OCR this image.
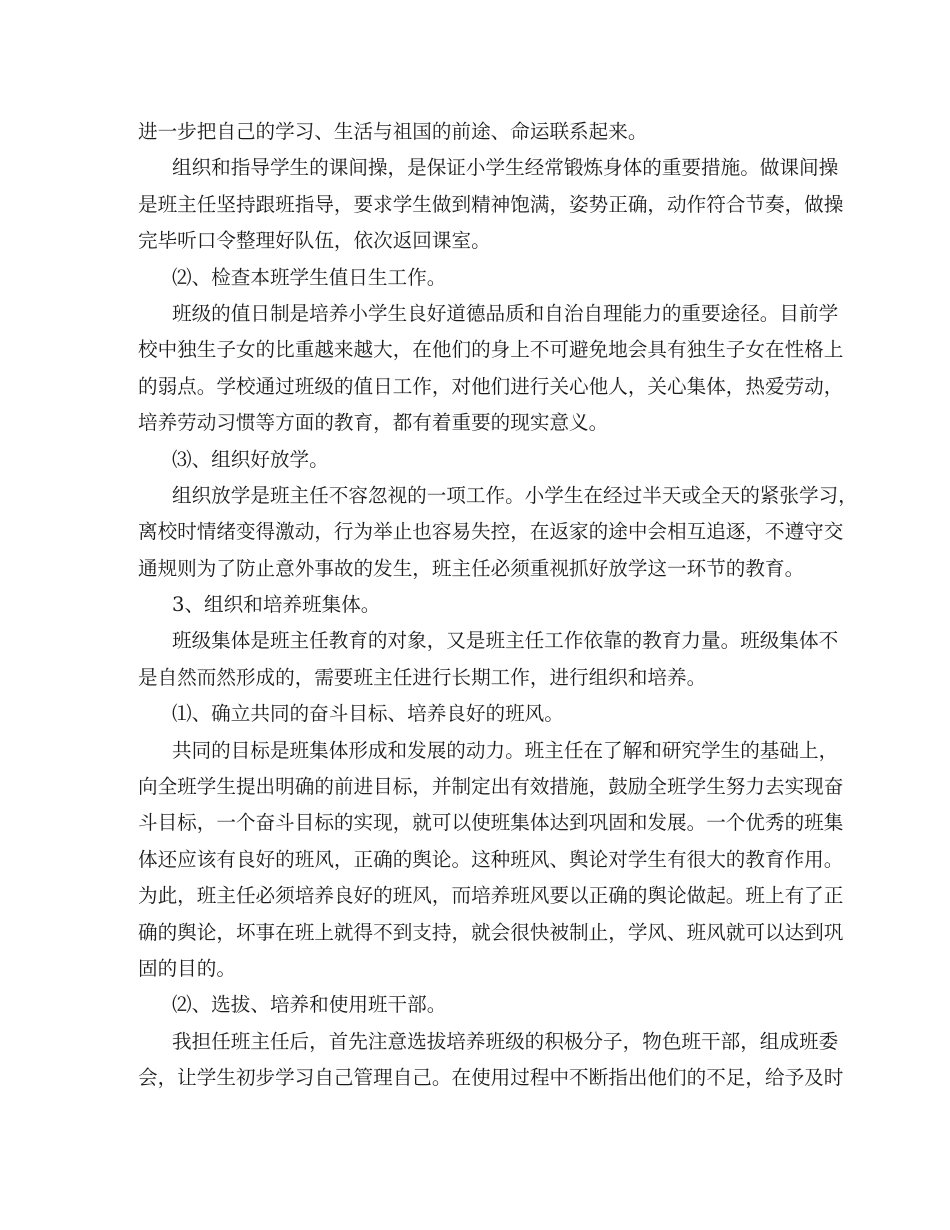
进一步把自己的学习、生活与祖国的前途、命运联系起来。
组织和指导学生的课间操，是保证小学生经常锻炼身体的重要措施。做课间操
是班主任坚持跟班指导，要求学生做到精神饱满，姿势正确，动作符合节奏，做操
完毕听口令整理好队伍，依次返回课室。
⑵、检查本班学生值日生工作。
班级的值日制是培养小学生良好道德品质和自治自理能力的重要途径。目前学
校中独生子女的比重越来越大，在他们的身上不可避免地会具有独生子女在性格上
的弱点。学校通过班级的值日工作，对他们进行关心他人，关心集体，热爱劳动，
培养劳动习惯等方面的教育，都有着重要的现实意义。
⑶、组织好放学。
组织放学是班主任不容忽视的一项工作。小学生在经过半天或全天的紧张学习，
离校时情绪变得激动，行为举止也容易失控，在返家的途中会相互追逐，不遵守交
通规则为了防止意外事故的发生，班主任必须重视抓好放学这一环节的教育。
3、组织和培养班集体。
班级集体是班主任教育的对象，又是班主任工作依靠的教育力量。班级集体不
是自然而然形成的，需要班主任进行长期工作，进行组织和培养。
⑴、确立共同的奋斗目标、培养良好的班风。
共同的目标是班集体形成和发展的动力。班主任在了解和研究学生的基础上，
向全班学生提出明确的前进目标，并制定出有效措施，鼓励全班学生努力去实现奋
斗目标，一个奋斗目标的实现，就可以使班集体达到巩固和发展。一个优秀的班集
体还应该有良好的班风，正确的舆论。这种班风、舆论对学生有很大的教育作用。
为此，班主任必须培养良好的班风，而培养班风要以正确的舆论做起。班上有了正
确的舆论，坏事在班上就得不到支持，就会很快被制止，学风、班风就可以达到巩
固的目的。
⑵、选拔、培养和使用班干部。
我担任班主任后，首先注意选拔培养班级的积极分子，物色班干部，组成班委
会，让学生初步学习自己管理自己。在使用过程中不断指出他们的不足，给予及时
